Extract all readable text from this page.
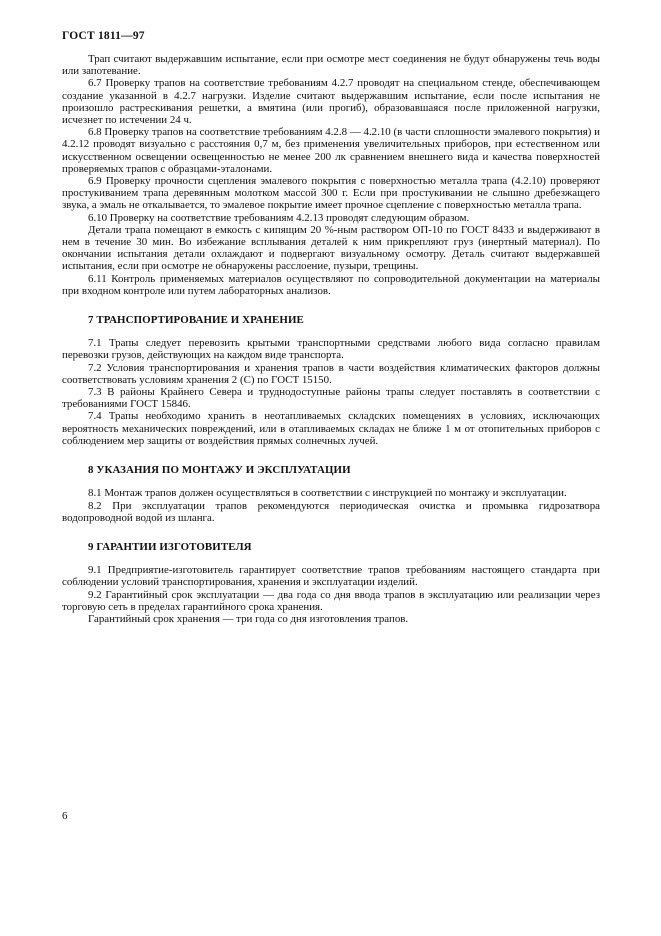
ГОСТ 1811—97

Трап считают выдержавшим испытание, если при осмотре мест соединения не будут обнаружены течь воды или запотевание.

6.7 Проверку трапов на соответствие требованиям 4.2.7 проводят на специальном стенде, обеспечивающем создание указанной в 4.2.7 нагрузки. Изделие считают выдержавшим испытание, если после испытания не произошло растрескивания решетки, а вмятина (или прогиб), образовавшаяся после приложенной нагрузки, исчезнет по истечении 24 ч.

6.8 Проверку трапов на соответствие требованиям 4.2.8 — 4.2.10 (в части сплошности эмалевого покрытия) и 4.2.12 проводят визуально с расстояния 0,7 м, без применения увеличительных приборов, при естественном или искусственном освещении освещенностью не менее 200 лк сравнением внешнего вида и качества поверхностей проверяемых трапов с образцами-эталонами.

6.9 Проверку прочности сцепления эмалевого покрытия с поверхностью металла трапа (4.2.10) проверяют простукиванием трапа деревянным молотком массой 300 г. Если при простукивании не слышно дребезжащего звука, а эмаль не откалывается, то эмалевое покрытие имеет прочное сцепление с поверхностью металла трапа.

6.10 Проверку на соответствие требованиям 4.2.13 проводят следующим образом.

Детали трапа помещают в емкость с кипящим 20 %-ным раствором ОП-10 по ГОСТ 8433 и выдерживают в нем в течение 30 мин. Во избежание всплывания деталей к ним прикрепляют груз (инертный материал). По окончании испытания детали охлаждают и подвергают визуальному осмотру. Деталь считают выдержавшей испытания, если при осмотре не обнаружены расслоение, пузыри, трещины.

6.11 Контроль применяемых материалов осуществляют по сопроводительной документации на материалы при входном контроле или путем лабораторных анализов.

7 ТРАНСПОРТИРОВАНИЕ И ХРАНЕНИЕ

7.1 Трапы следует перевозить крытыми транспортными средствами любого вида согласно правилам перевозки грузов, действующих на каждом виде транспорта.

7.2 Условия транспортирования и хранения трапов в части воздействия климатических факторов должны соответствовать условиям хранения 2 (С) по ГОСТ 15150.

7.3 В районы Крайнего Севера и труднодоступные районы трапы следует поставлять в соответствии с требованиями ГОСТ 15846.

7.4 Трапы необходимо хранить в неотапливаемых складских помещениях в условиях, исключающих вероятность механических повреждений, или в отапливаемых складах не ближе 1 м от отопительных приборов с соблюдением мер защиты от воздействия прямых солнечных лучей.

8 УКАЗАНИЯ ПО МОНТАЖУ И ЭКСПЛУАТАЦИИ

8.1 Монтаж трапов должен осуществляться в соответствии с инструкцией по монтажу и эксплуатации.

8.2 При эксплуатации трапов рекомендуются периодическая очистка и промывка гидрозатвора водопроводной водой из шланга.

9 ГАРАНТИИ ИЗГОТОВИТЕЛЯ

9.1 Предприятие-изготовитель гарантирует соответствие трапов требованиям настоящего стандарта при соблюдении условий транспортирования, хранения и эксплуатации изделий.

9.2 Гарантийный срок эксплуатации — два года со дня ввода трапов в эксплуатацию или реализации через торговую сеть в пределах гарантийного срока хранения.

Гарантийный срок хранения — три года со дня изготовления трапов.

6
